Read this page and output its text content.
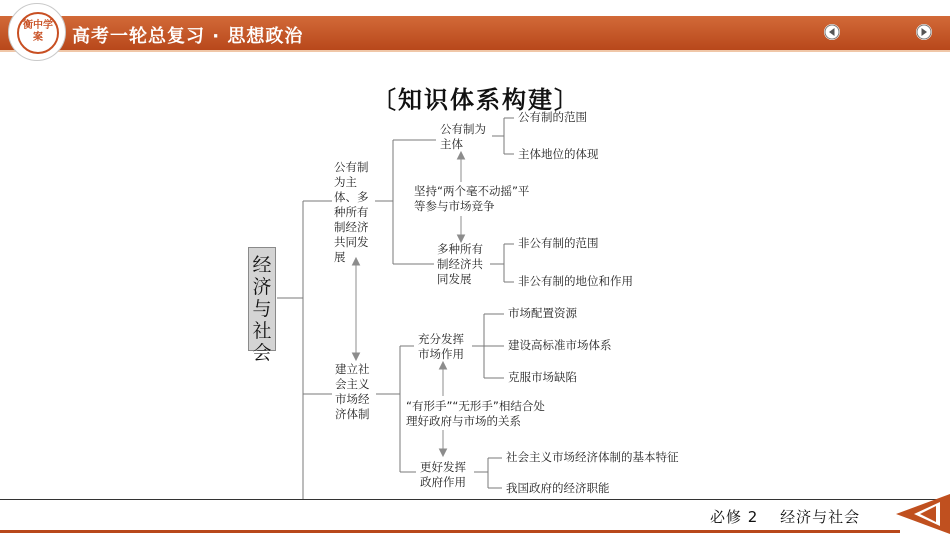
高考一轮总复习 · 思想政治
衡中学案
〔知识体系构建〕
经济与社会
公有制为主体、多种所有制经济共同发展
公有制为主体
公有制的范围
主体地位的体现
坚持“两个毫不动摇”平等参与市场竞争
多种所有制经济共同发展
非公有制的范围
非公有制的地位和作用
建立社会主义市场经济体制
充分发挥市场作用
市场配置资源
建设高标准市场体系
克服市场缺陷
“有形手”“无形手”相结合处理好政府与市场的关系
更好发挥政府作用
社会主义市场经济体制的基本特征
我国政府的经济职能
必修 2　 经济与社会
